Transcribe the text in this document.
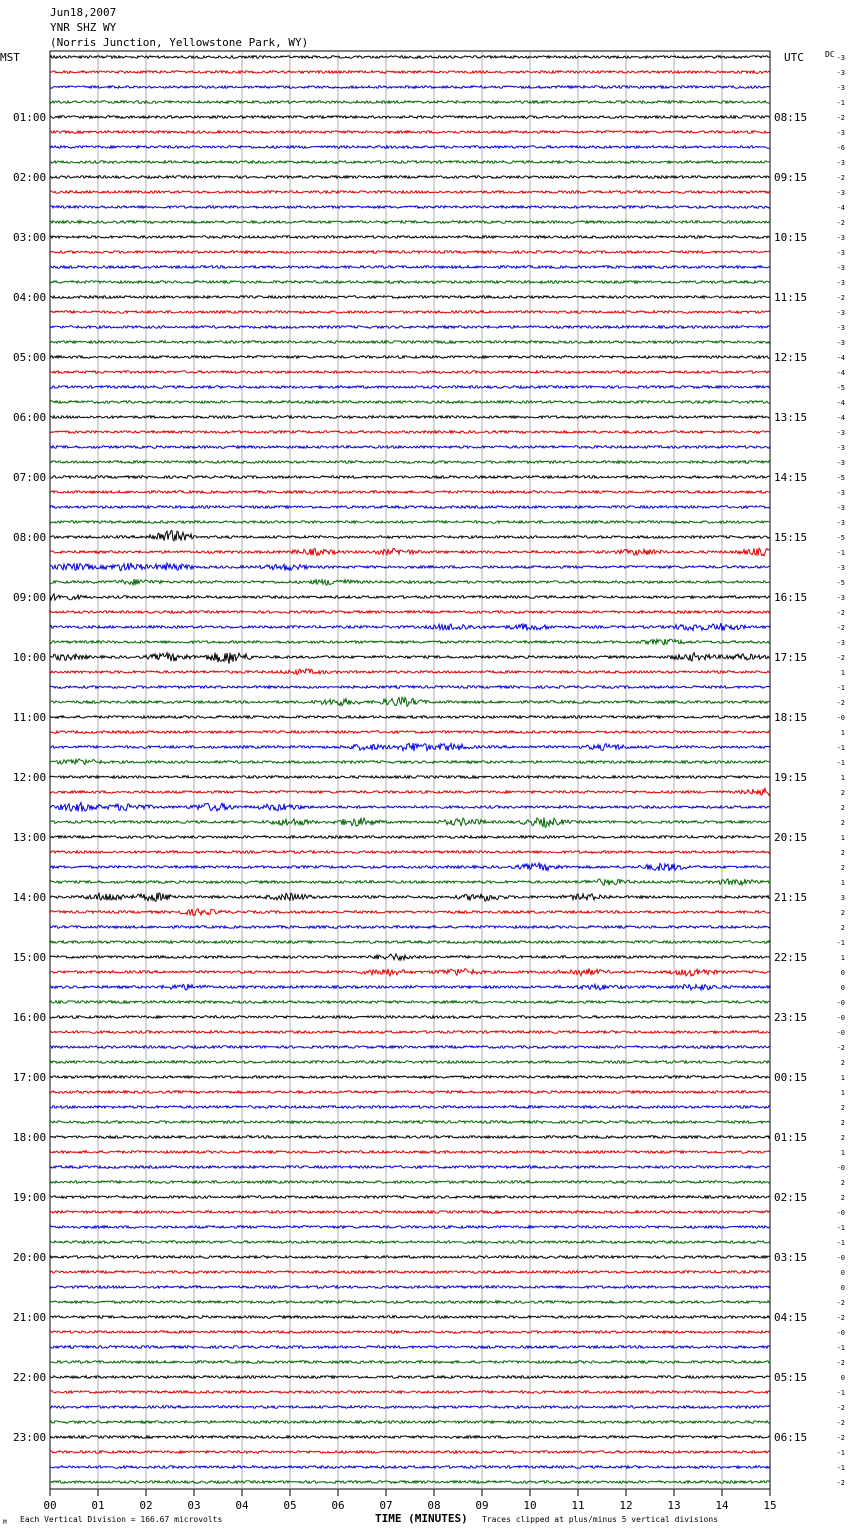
Jun18,2007
YNR SHZ WY
(Norris Junction, Yellowstone Park, WY)
MST	UTC	DC
01:00
02:00
03:00
04:00
05:00
06:00
07:00
08:00
09:00
10:00
11:00
12:00
13:00
14:00
15:00
16:00
17:00
18:00
19:00
20:00
21:00
22:00
23:00
08:15
09:15
10:15
11:15
12:15
13:15
14:15
15:15
16:15
17:15
18:15
19:15
20:15
21:15
22:15
23:15
00:15
01:15
02:15
03:15
04:15
05:15
06:15
-3
-3
-3
-1
-2
-3
-6
-3
-2
-3
-4
-2
-3
-3
-3
-3
-2
-3
-3
-3
-4
-4
-5
-4
-4
-3
-3
-3
-5
-3
-3
-3
-5
-1
-3
-5
-3
-2
-2
-3
-2
1
-1
-2
-0
1
-1
-1
1
2
2
2
1
2
2
1
3
2
2
-1
1
0
0
-0
-0
-0
-2
2
1
1
2
2
2
1
-0
2
2
-0
-1
-1
-0
0
0
-2
-2
-0
-1
-2
0
-1
-2
-2
-2
-1
-1
-2
00	01	02	03	04	05	06	07	08	09	10	11	12	13	14	15
M Each Vertical Division = 166.67 microvolts	TIME (MINUTES) Traces clipped at plus/minus 5 vertical divisions
